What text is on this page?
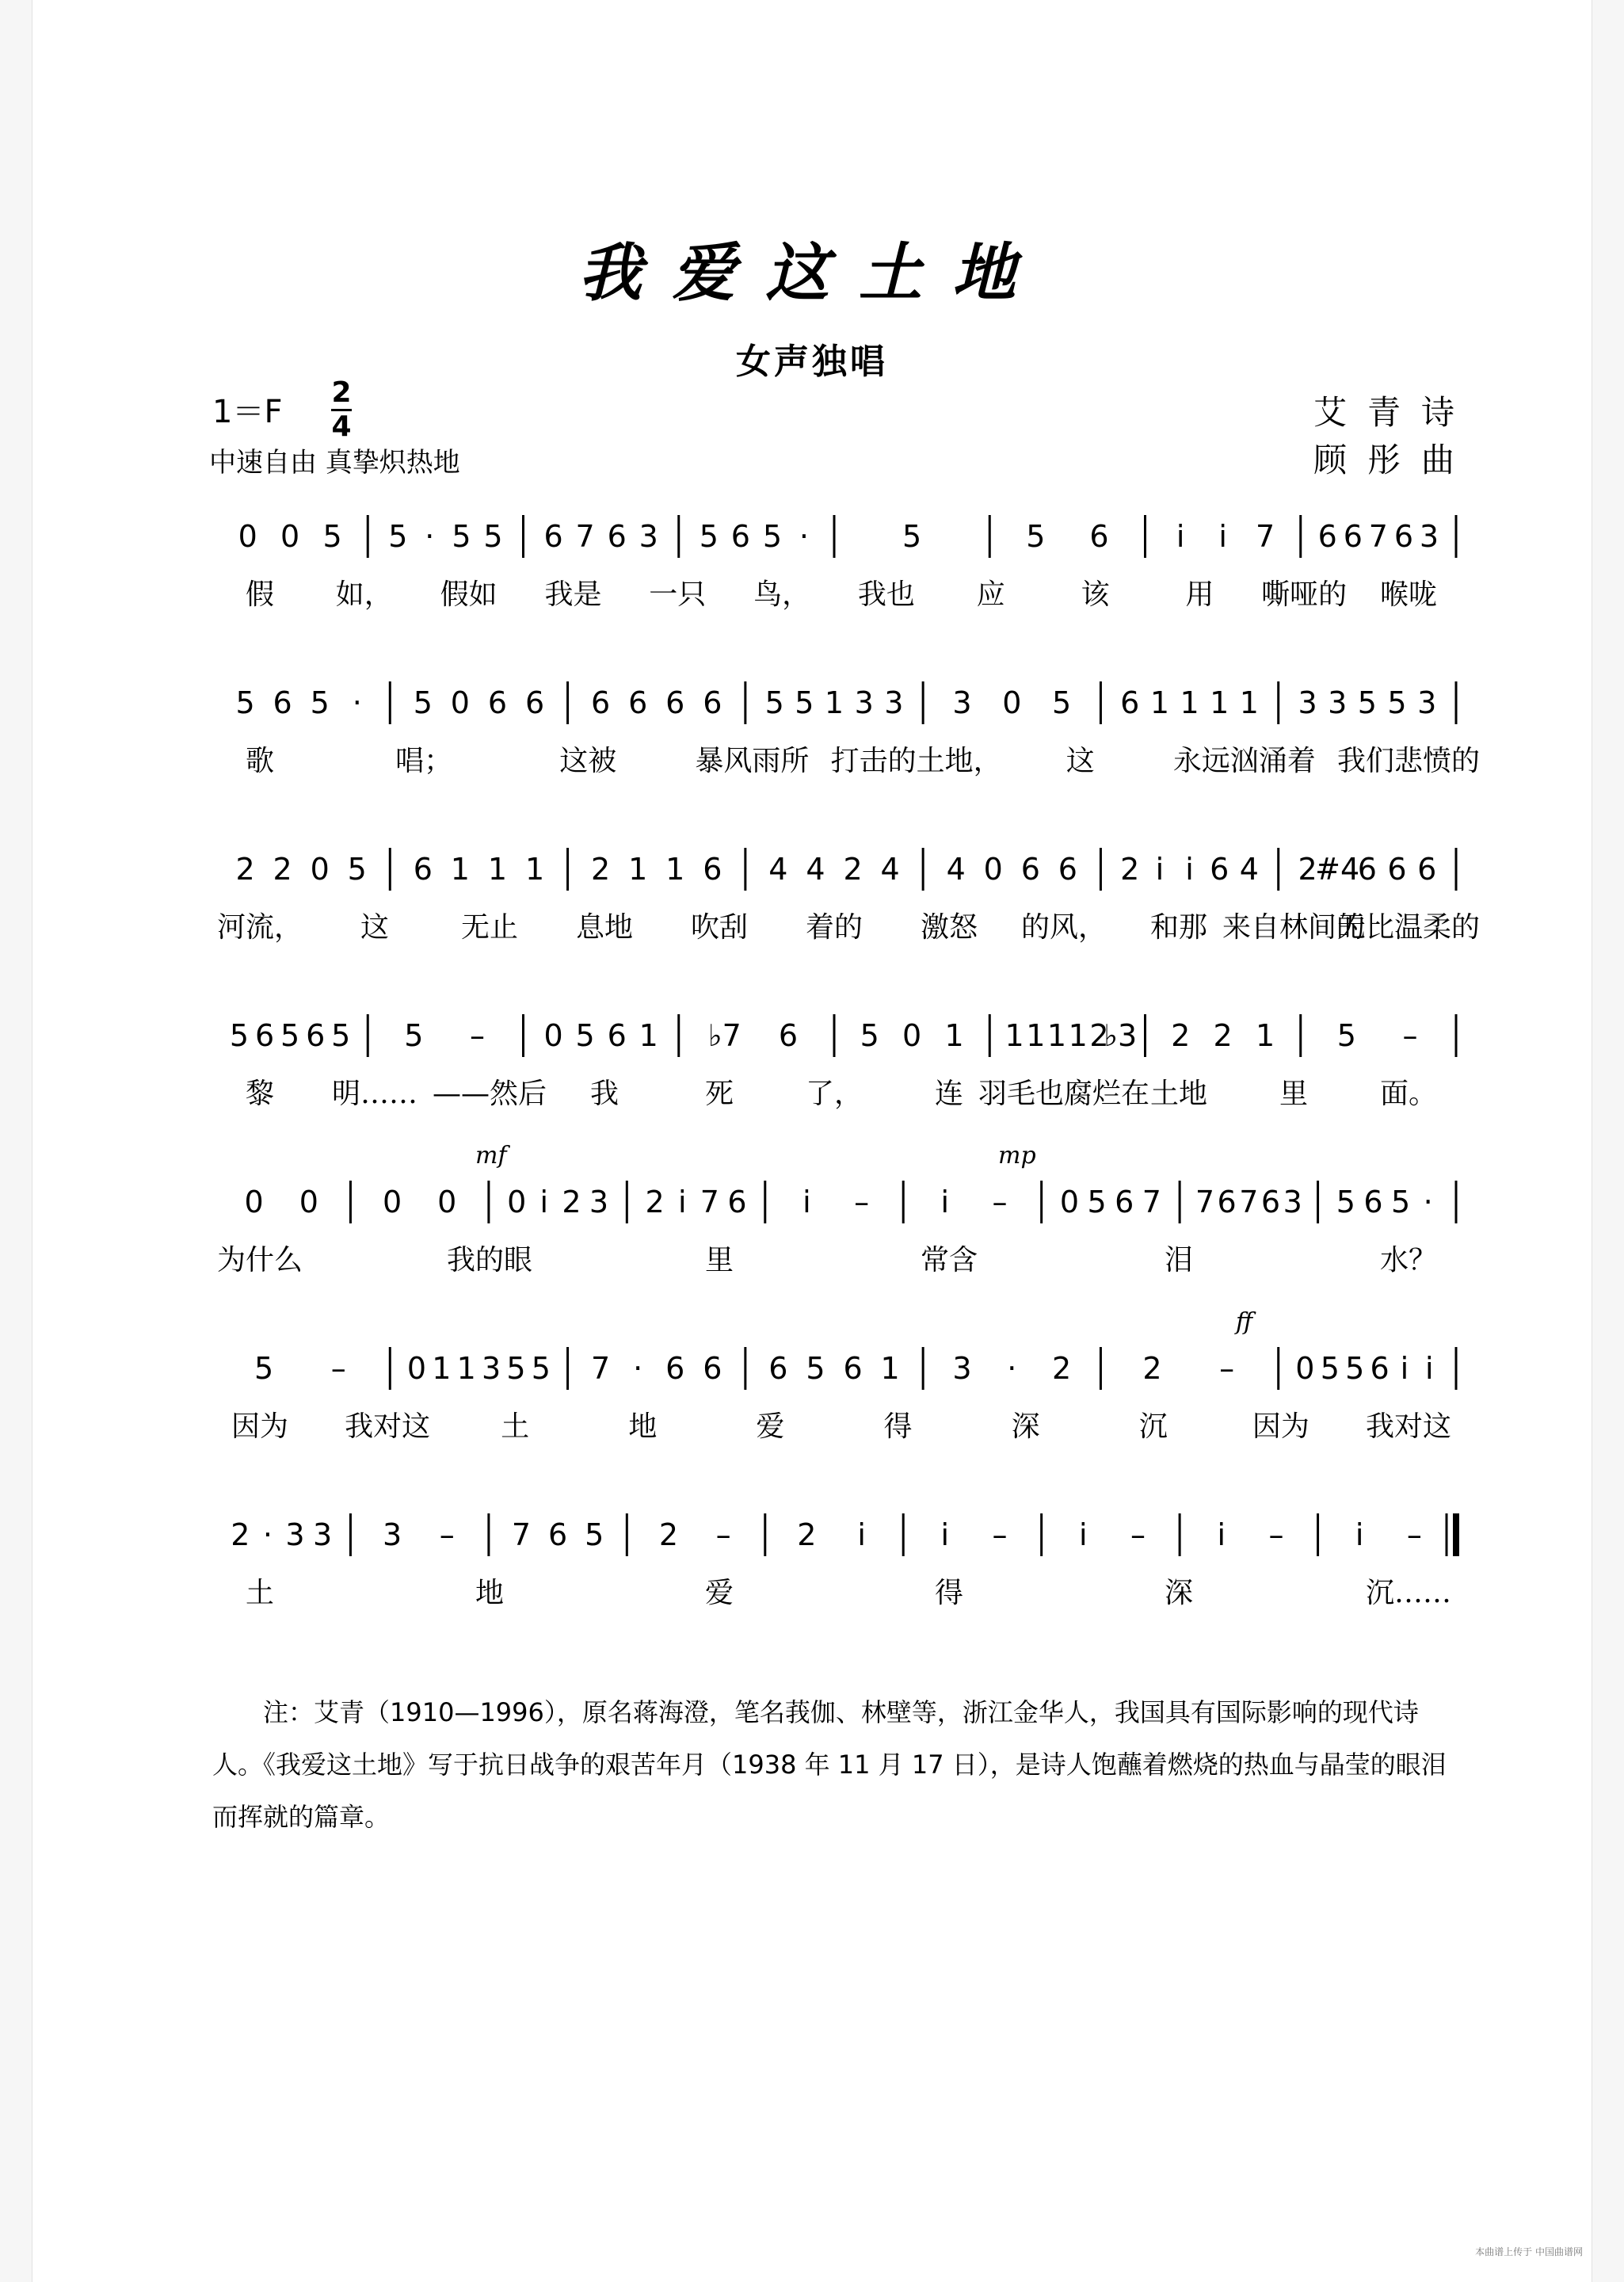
我爱这土地
女声独唱
1＝F
2
4
中速自由 真挚炽热地
艾青诗
顾彤曲
0 0 5 5 · 5 5 6 7 6 3 5 6 5 ·	5	5 6 i i 7 6 6 7 6 3
假 如， 假如 我是 一只 鸟， 我也 应	该	用 嘶哑的 喉咙
5 6 5 · 5 0 6 6 6 6 6 6 5 5 1 3 3 3 0 5 6 1 1 1 1 3 3 5 5 3
歌	唱；	这被	暴风雨所 打击的土地， 这	永远汹涌着 我们悲愤的
2 2 0 5 6 1 1 1 2 1 1 6 4 4 2 4 4 0 6 6 2 i i 6 4 2
#4
6 6 6
河流， 这	无止 息地 吹刮 着的 激怒 的风， 和那 来自林间的
无比温柔的
5 6 5 6 5 5 – 0 5 6 1 ♭7 6 5 0 1 1 1 1 1 2
♭3 2 2 1 5 –
黎 明…… ——然后 我	死	了，	连 羽毛也腐烂在 土地	里	面。
0 0 0 0 0 i 2 3 2 i 7 6 i – i – 0 5 6 7 7 6 7 6 3 5 6 5 ·
为什么	我的眼	里	常含	泪	水？
mf	mp
5 – 0 1 1 3 5 5 7 · 6 6 6 5 6 1 3 · 2 2 – 0 5 5 6 i i
因为 我对这 土	地	爱	得	深	沉	因为 我对这
ff
2 · 3 3 3 – 7 6 5 2 – 2 i i – i – i – i –
土	地	爱	得	深	沉……
注：艾青（1910—1996），原名蒋海澄，笔名莪伽、林壁等，浙江金华人，我国具有国际影响的现代诗人。《我爱这土地》写于抗日战争的艰苦年月（1938 年 11 月 17 日），是诗人饱蘸着燃烧的热血与晶莹的眼泪而挥就的篇章。
本曲谱上传于 中国曲谱网
